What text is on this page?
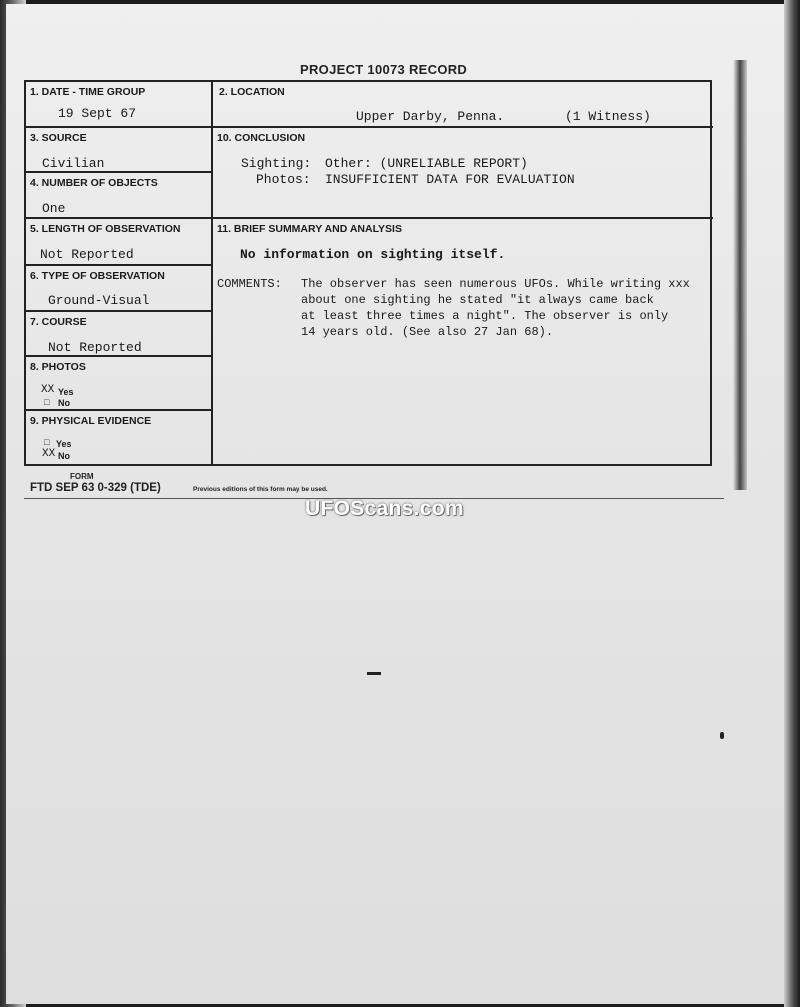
PROJECT 10073 RECORD
1. DATE - TIME GROUP
19 Sept 67
2. LOCATION
Upper Darby, Penna.	(1 Witness)
3. SOURCE
Civilian
4. NUMBER OF OBJECTS
One
5. LENGTH OF OBSERVATION
Not Reported
6. TYPE OF OBSERVATION
Ground-Visual
7. COURSE
Not Reported
8. PHOTOS
XX Yes
□ No
9. PHYSICAL EVIDENCE
□ Yes
XX No
10. CONCLUSION
Sighting: Other: (UNRELIABLE REPORT)
Photos: INSUFFICIENT DATA FOR EVALUATION
11. BRIEF SUMMARY AND ANALYSIS
No information on sighting itself.
COMMENTS: The observer has seen numerous UFOs. While writing xxx
about one sighting he stated "it always came back
at least three times a night". The observer is only
14 years old. (See also 27 Jan 68).
FORM
FTD SEP 63 0-329 (TDE)	Previous editions of this form may be used.
UFOScans.com
